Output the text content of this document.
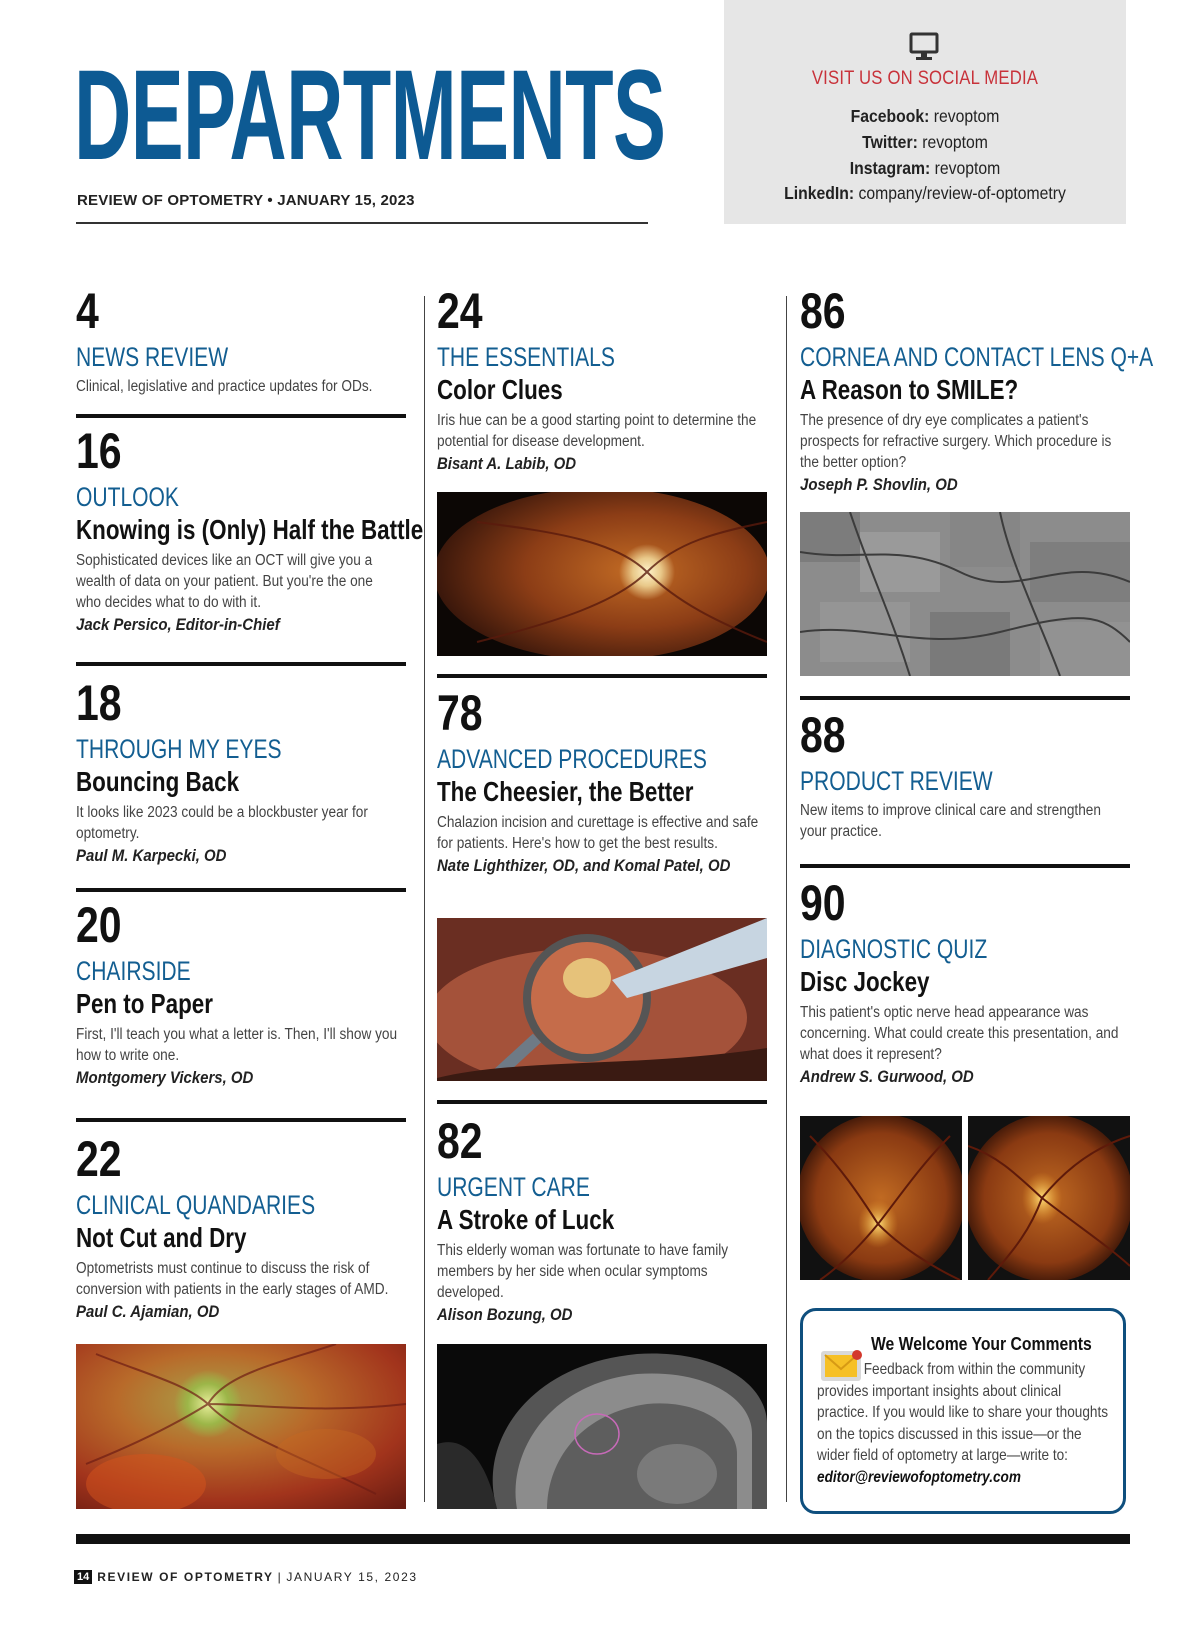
DEPARTMENTS
REVIEW OF OPTOMETRY • JANUARY 15, 2023
VISIT US ON SOCIAL MEDIA
Facebook: revoptom
Twitter: revoptom
Instagram: revoptom
LinkedIn: company/review-of-optometry
4
NEWS REVIEW
Clinical, legislative and practice updates for ODs.
16
OUTLOOK
Knowing is (Only) Half the Battle
Sophisticated devices like an OCT will give you a wealth of data on your patient. But you're the one who decides what to do with it.
Jack Persico, Editor-in-Chief
18
THROUGH MY EYES
Bouncing Back
It looks like 2023 could be a blockbuster year for optometry.
Paul M. Karpecki, OD
20
CHAIRSIDE
Pen to Paper
First, I'll teach you what a letter is. Then, I'll show you how to write one.
Montgomery Vickers, OD
22
CLINICAL QUANDARIES
Not Cut and Dry
Optometrists must continue to discuss the risk of conversion with patients in the early stages of AMD.
Paul C. Ajamian, OD
24
THE ESSENTIALS
Color Clues
Iris hue can be a good starting point to determine the potential for disease development.
Bisant A. Labib, OD
78
ADVANCED PROCEDURES
The Cheesier, the Better
Chalazion incision and curettage is effective and safe for patients. Here's how to get the best results.
Nate Lighthizer, OD, and Komal Patel, OD
82
URGENT CARE
A Stroke of Luck
This elderly woman was fortunate to have family members by her side when ocular symptoms developed.
Alison Bozung, OD
86
CORNEA AND CONTACT LENS Q+A
A Reason to SMILE?
The presence of dry eye complicates a patient's prospects for refractive surgery. Which procedure is the better option?
Joseph P. Shovlin, OD
88
PRODUCT REVIEW
New items to improve clinical care and strengthen your practice.
90
DIAGNOSTIC QUIZ
Disc Jockey
This patient's optic nerve head appearance was concerning. What could create this presentation, and what does it represent?
Andrew S. Gurwood, OD
We Welcome Your Comments
Feedback from within the community provides important insights about clinical practice. If you would like to share your thoughts on the topics discussed in this issue—or the wider field of optometry at large—write to: editor@reviewofoptometry.com
14 REVIEW OF OPTOMETRY | JANUARY 15, 2023
